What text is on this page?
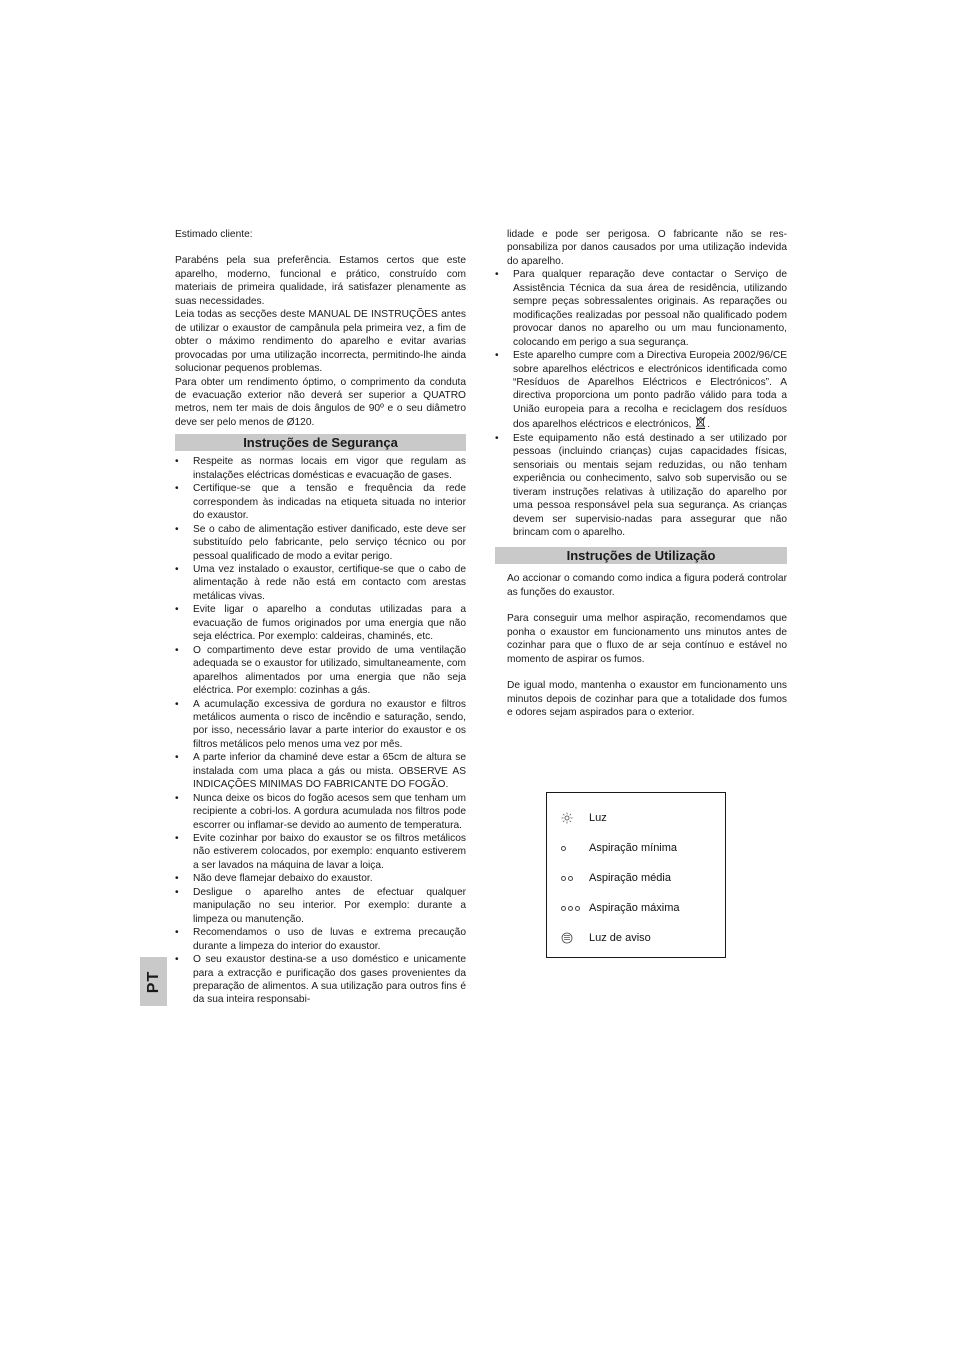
Estimado cliente:

Parabéns pela sua preferência. Estamos certos que este aparelho, moderno, funcional e prático, construído com materiais de primeira qualidade, irá satisfazer plenamente as suas necessidades.

Leia todas as secções deste MANUAL DE INSTRUÇÕES antes de utilizar o exaustor de campânula pela primeira vez, a fim de obter o máximo rendimento do aparelho e evitar avarias provocadas por uma utilização incorrecta, permitindo-lhe ainda solucionar pequenos problemas.

Para obter um rendimento óptimo, o comprimento da conduta de evacuação exterior não deverá ser superior a QUATRO metros, nem ter mais de dois ângulos de 90º e o seu diâmetro deve ser pelo menos de Ø120.

Instruções de Segurança
• Respeite as normas locais em vigor que regulam as instalações eléctricas domésticas e evacuação de gases.
• Certifique-se que a tensão e frequência da rede correspondem às indicadas na etiqueta situada no interior do exaustor.
• Se o cabo de alimentação estiver danificado, este deve ser substituído pelo fabricante, pelo serviço técnico ou por pessoal qualificado de modo a evitar perigo.
• Uma vez instalado o exaustor, certifique-se que o cabo de alimentação à rede não está em contacto com arestas metálicas vivas.
• Evite ligar o aparelho a condutas utilizadas para a evacuação de fumos originados por uma energia que não seja eléctrica. Por exemplo: caldeiras, chaminés, etc.
• O compartimento deve estar provido de uma ventilação adequada se o exaustor for utilizado, simultaneamente, com aparelhos alimentados por uma energia que não seja eléctrica. Por exemplo: cozinhas a gás.
• A acumulação excessiva de gordura no exaustor e filtros metálicos aumenta o risco de incêndio e saturação, sendo, por isso, necessário lavar a parte interior do exaustor e os filtros metálicos pelo menos uma vez por mês.
• A parte inferior da chaminé deve estar a 65cm de altura se instalada com uma placa a gás ou mista. OBSERVE AS INDICAÇÕES MINIMAS DO FABRICANTE DO FOGÃO.
• Nunca deixe os bicos do fogão acesos sem que tenham um recipiente a cobri-los. A gordura acumulada nos filtros pode escorrer ou inflamar-se devido ao aumento de temperatura.
• Evite cozinhar por baixo do exaustor se os filtros metálicos não estiverem colocados, por exemplo: enquanto estiverem a ser lavados na máquina de lavar a loiça.
• Não deve flamejar debaixo do exaustor.
• Desligue o aparelho antes de efectuar qualquer manipulação no seu interior. Por exemplo: durante a limpeza ou manutenção.
• Recomendamos o uso de luvas e extrema precaução durante a limpeza do interior do exaustor.
• O seu exaustor destina-se a uso doméstico e unicamente para a extracção e purificação dos gases provenientes da preparação de alimentos. A sua utilização para outros fins é da sua inteira responsabi-

lidade e pode ser perigosa. O fabricante não se res-ponsabiliza por danos causados por uma utilização indevida do aparelho.

• Para qualquer reparação deve contactar o Serviço de Assistência Técnica da sua área de residência, utilizando sempre peças sobressalentes originais. As reparações ou modificações realizadas por pessoal não qualificado podem provocar danos no aparelho ou um mau funcionamento, colocando em perigo a sua segurança.
• Este aparelho cumpre com a Directiva Europeia 2002/96/CE sobre aparelhos eléctricos e electrónicos identificada como “Resíduos de Aparelhos Eléctricos e Electrónicos”. A directiva proporciona um ponto padrão válido para toda a União europeia para a recolha e reciclagem dos resíduos dos aparelhos eléctricos e electrónicos, .
• Este equipamento não está destinado a ser utilizado por pessoas (incluindo crianças) cujas capacidades físicas, sensoriais ou mentais sejam reduzidas, ou não tenham experiência ou conhecimento, salvo sob supervisão ou se tiveram instruções relativas à utilização do aparelho por uma pessoa responsável pela sua segurança. As crianças devem ser supervisio-nadas para assegurar que não brincam com o aparelho.
Instruções de Utilização

Ao accionar o comando como indica a figura poderá controlar as funções do exaustor.

Para conseguir uma melhor aspiração, recomendamos que ponha o exaustor em funcionamento uns minutos antes de cozinhar para que o fluxo de ar seja contínuo e estável no momento de aspirar os fumos.

De igual modo, mantenha o exaustor em funcionamento uns minutos depois de cozinhar para que a totalidade dos fumos e odores sejam aspirados para o exterior.

Luz
Aspiração mínima
Aspiração média
Aspiração máxima
Luz de aviso
PT
